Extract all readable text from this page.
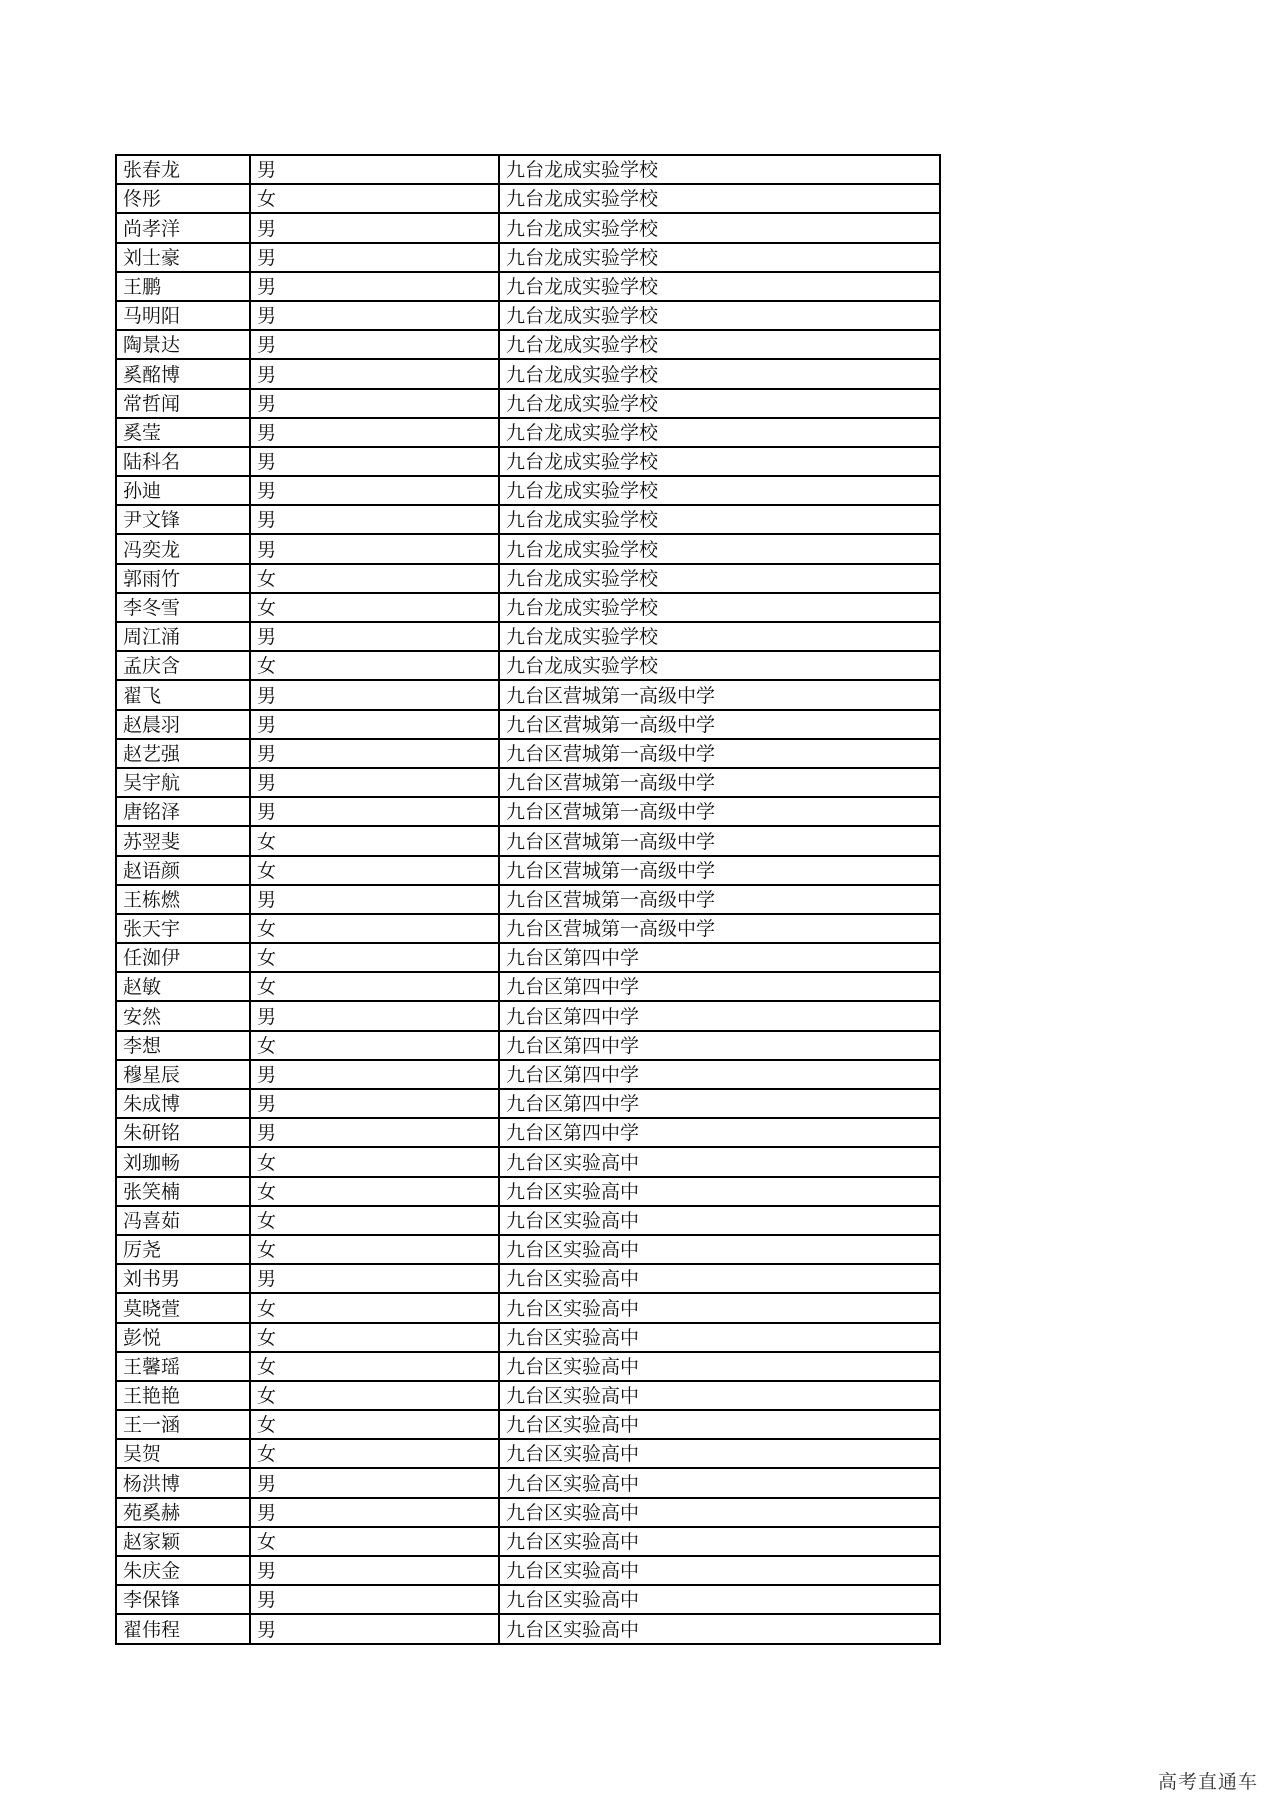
张春龙	男	九台龙成实验学校
佟彤	女	九台龙成实验学校
尚孝洋	男	九台龙成实验学校
刘士豪	男	九台龙成实验学校
王鹏	男	九台龙成实验学校
马明阳	男	九台龙成实验学校
陶景达	男	九台龙成实验学校
奚酩博	男	九台龙成实验学校
常哲闻	男	九台龙成实验学校
奚莹	男	九台龙成实验学校
陆科名	男	九台龙成实验学校
孙迪	男	九台龙成实验学校
尹文锋	男	九台龙成实验学校
冯奕龙	男	九台龙成实验学校
郭雨竹	女	九台龙成实验学校
李冬雪	女	九台龙成实验学校
周江涌	男	九台龙成实验学校
孟庆含	女	九台龙成实验学校
翟飞	男	九台区营城第一高级中学
赵晨羽	男	九台区营城第一高级中学
赵艺强	男	九台区营城第一高级中学
吴宇航	男	九台区营城第一高级中学
唐铭泽	男	九台区营城第一高级中学
苏翌斐	女	九台区营城第一高级中学
赵语颜	女	九台区营城第一高级中学
王栋燃	男	九台区营城第一高级中学
张天宇	女	九台区营城第一高级中学
任洳伊	女	九台区第四中学
赵敏	女	九台区第四中学
安然	男	九台区第四中学
李想	女	九台区第四中学
穆星辰	男	九台区第四中学
朱成博	男	九台区第四中学
朱研铭	男	九台区第四中学
刘珈畅	女	九台区实验高中
张笑楠	女	九台区实验高中
冯喜茹	女	九台区实验高中
厉尧	女	九台区实验高中
刘书男	男	九台区实验高中
莫晓萱	女	九台区实验高中
彭悦	女	九台区实验高中
王馨瑶	女	九台区实验高中
王艳艳	女	九台区实验高中
王一涵	女	九台区实验高中
吴贺	女	九台区实验高中
杨洪博	男	九台区实验高中
苑奚赫	男	九台区实验高中
赵家颖	女	九台区实验高中
朱庆金	男	九台区实验高中
李保锋	男	九台区实验高中
翟伟程	男	九台区实验高中
高考直通车
